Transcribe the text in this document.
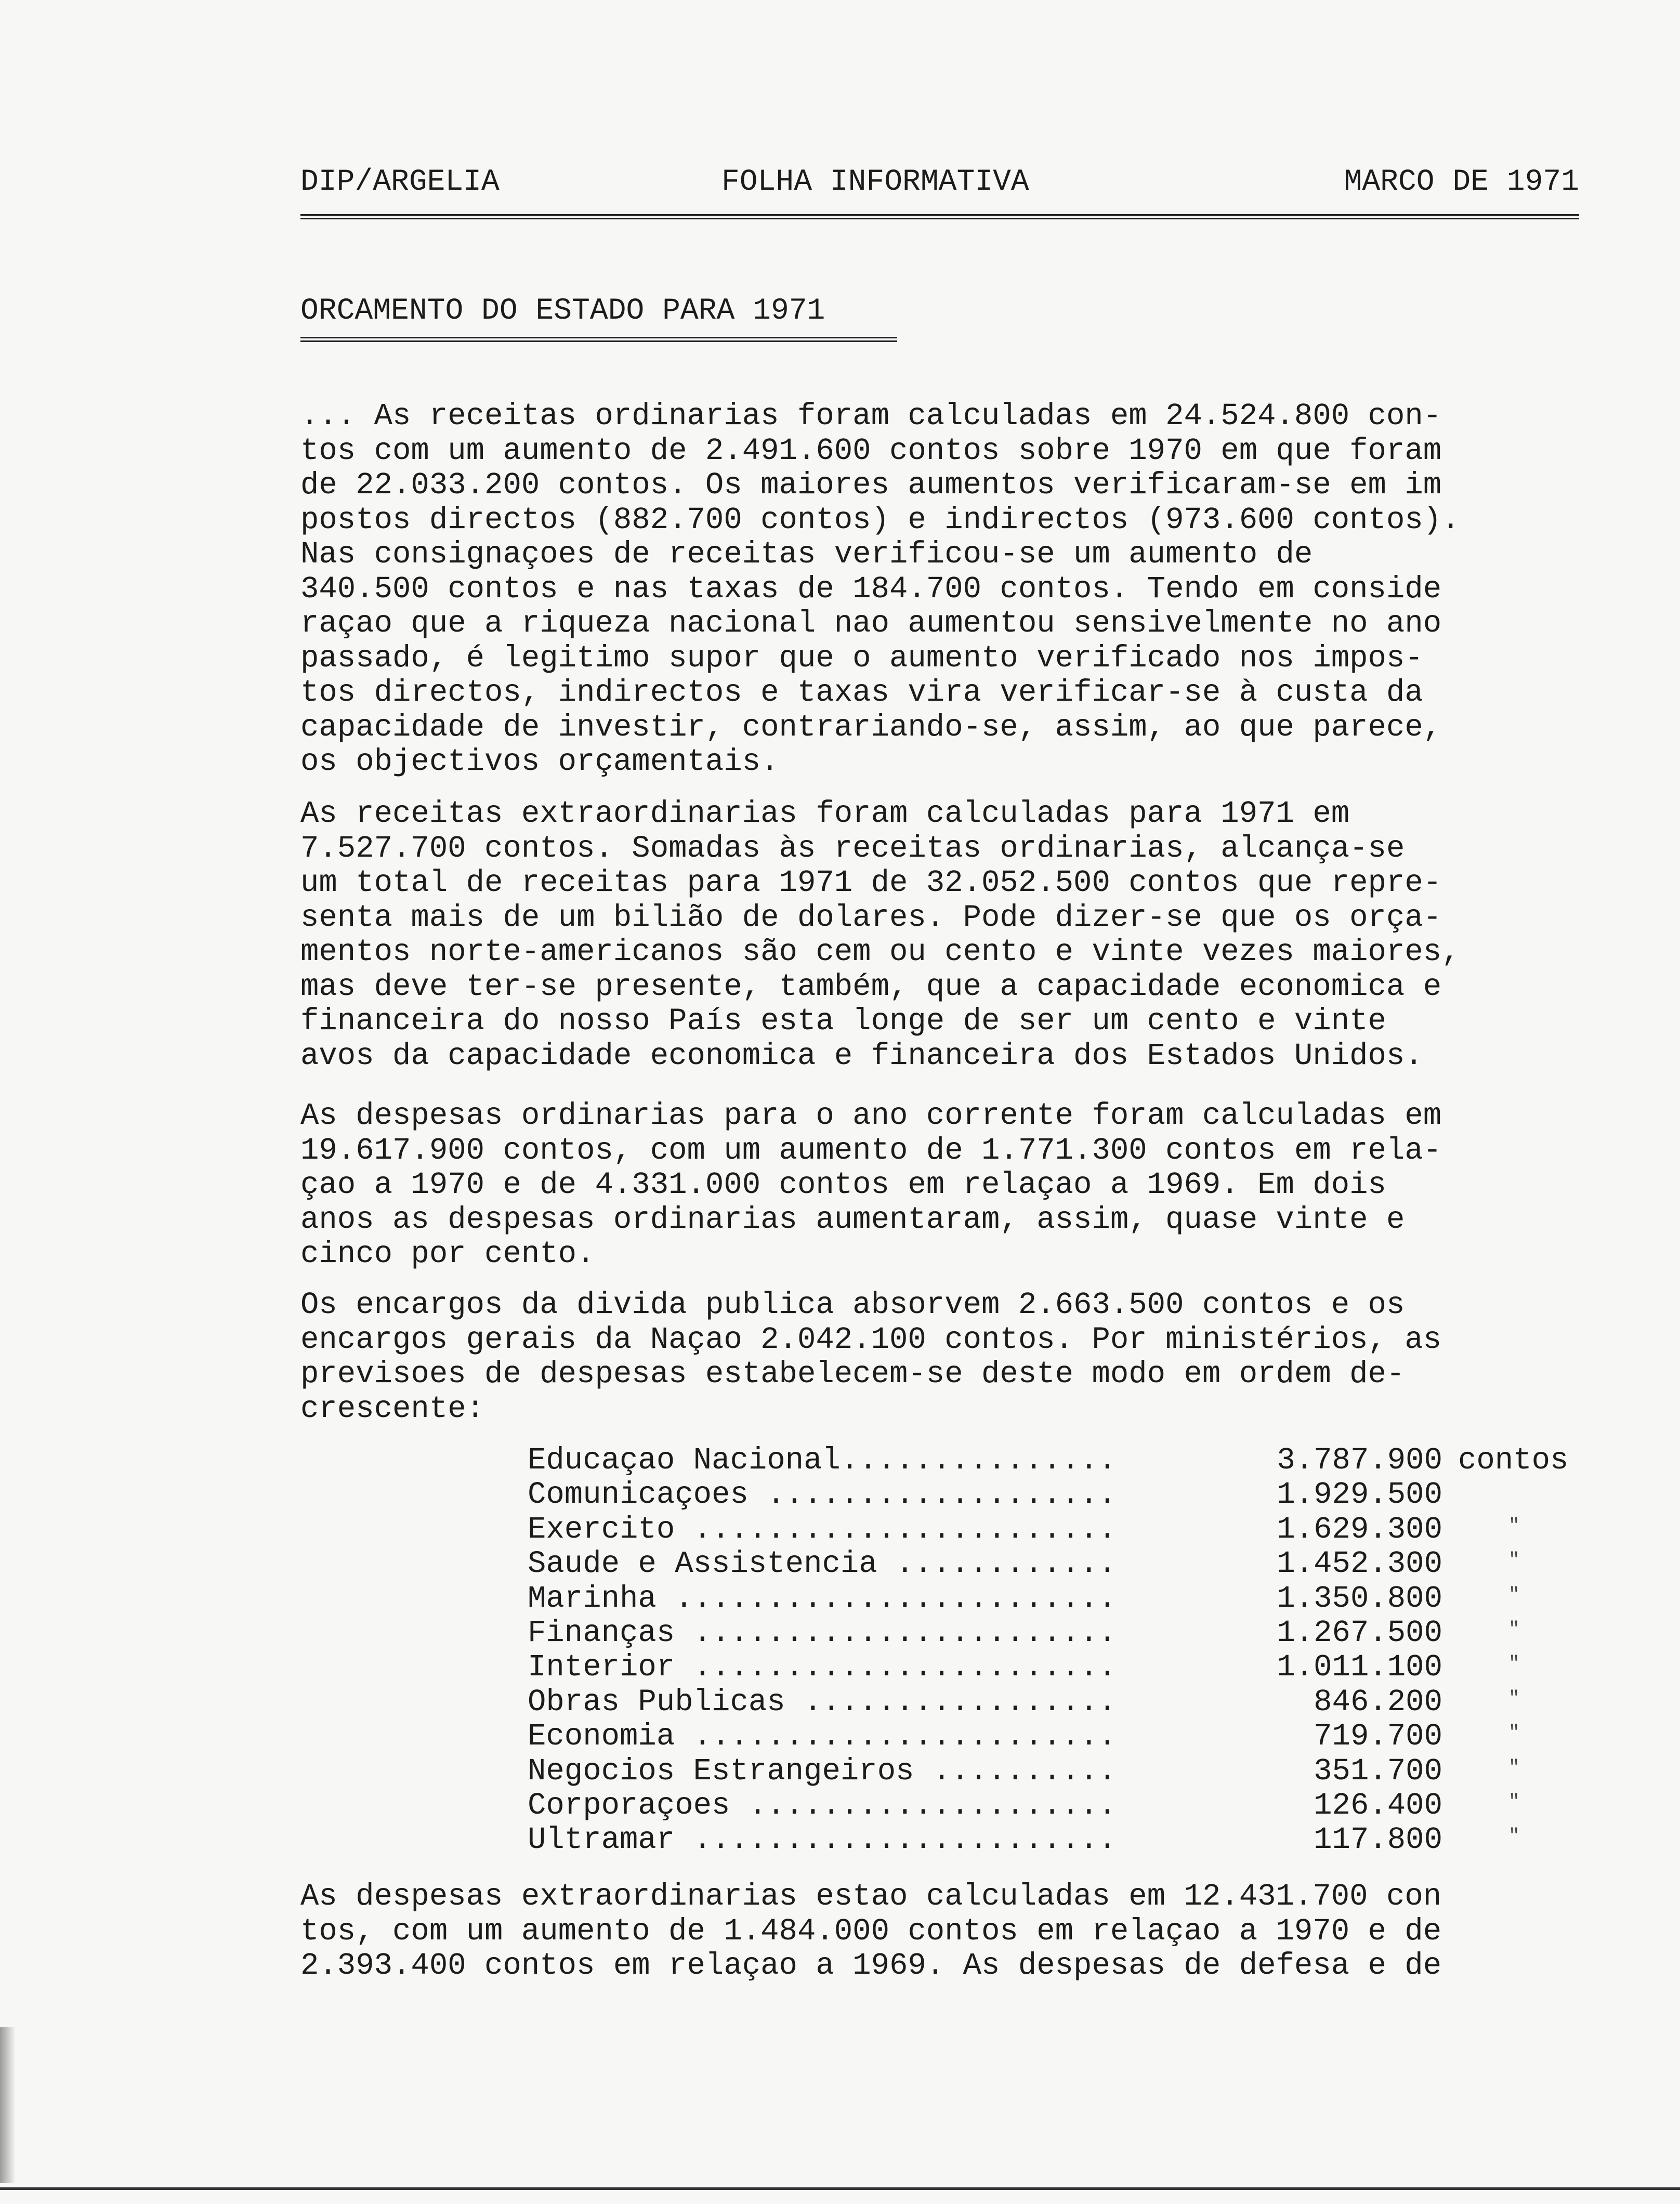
DIP/ARGELIA	FOLHA INFORMATIVA	MARCO DE 1971
ORCAMENTO DO ESTADO PARA 1971
... As receitas ordinarias foram calculadas em 24.524.800 con-
tos com um aumento de 2.491.600 contos sobre 1970 em que foram
de 22.033.200 contos. Os maiores aumentos verificaram-se em im
postos directos (882.700 contos) e indirectos (973.600 contos).
Nas consignaçoes de receitas verificou-se um aumento de
340.500 contos e nas taxas de 184.700 contos. Tendo em conside
raçao que a riqueza nacional nao aumentou sensivelmente no ano
passado, é legitimo supor que o aumento verificado nos impos-
tos directos, indirectos e taxas vira verificar-se à custa da
capacidade de investir, contrariando-se, assim, ao que parece,
os objectivos orçamentais.
As receitas extraordinarias foram calculadas para 1971 em
7.527.700 contos. Somadas às receitas ordinarias, alcança-se
um total de receitas para 1971 de 32.052.500 contos que repre-
senta mais de um bilião de dolares. Pode dizer-se que os orça-
mentos norte-americanos são cem ou cento e vinte vezes maiores,
mas deve ter-se presente, também, que a capacidade economica e
financeira do nosso País esta longe de ser um cento e vinte
avos da capacidade economica e financeira dos Estados Unidos.
As despesas ordinarias para o ano corrente foram calculadas em
19.617.900 contos, com um aumento de 1.771.300 contos em rela-
çao a 1970 e de 4.331.000 contos em relaçao a 1969. Em dois
anos as despesas ordinarias aumentaram, assim, quase vinte e
cinco por cento.
Os encargos da divida publica absorvem 2.663.500 contos e os
encargos gerais da Naçao 2.042.100 contos. Por ministérios, as
previsoes de despesas estabelecem-se deste modo em ordem de-
crescente:
Educaçao Nacional...............	3.787.900 contos
Comunicaçoes ...................	1.929.500
Exercito .......................	1.629.300	"
Saude e Assistencia ............	1.452.300	"
Marinha ........................	1.350.800	"
Finanças .......................	1.267.500	"
Interior .......................	1.011.100	"
Obras Publicas .................	846.200	"
Economia .......................	719.700	"
Negocios Estrangeiros ..........	351.700	"
Corporaçoes ....................	126.400	"
Ultramar .......................	117.800	"
As despesas extraordinarias estao calculadas em 12.431.700 con
tos, com um aumento de 1.484.000 contos em relaçao a 1970 e de
2.393.400 contos em relaçao a 1969. As despesas de defesa e de
